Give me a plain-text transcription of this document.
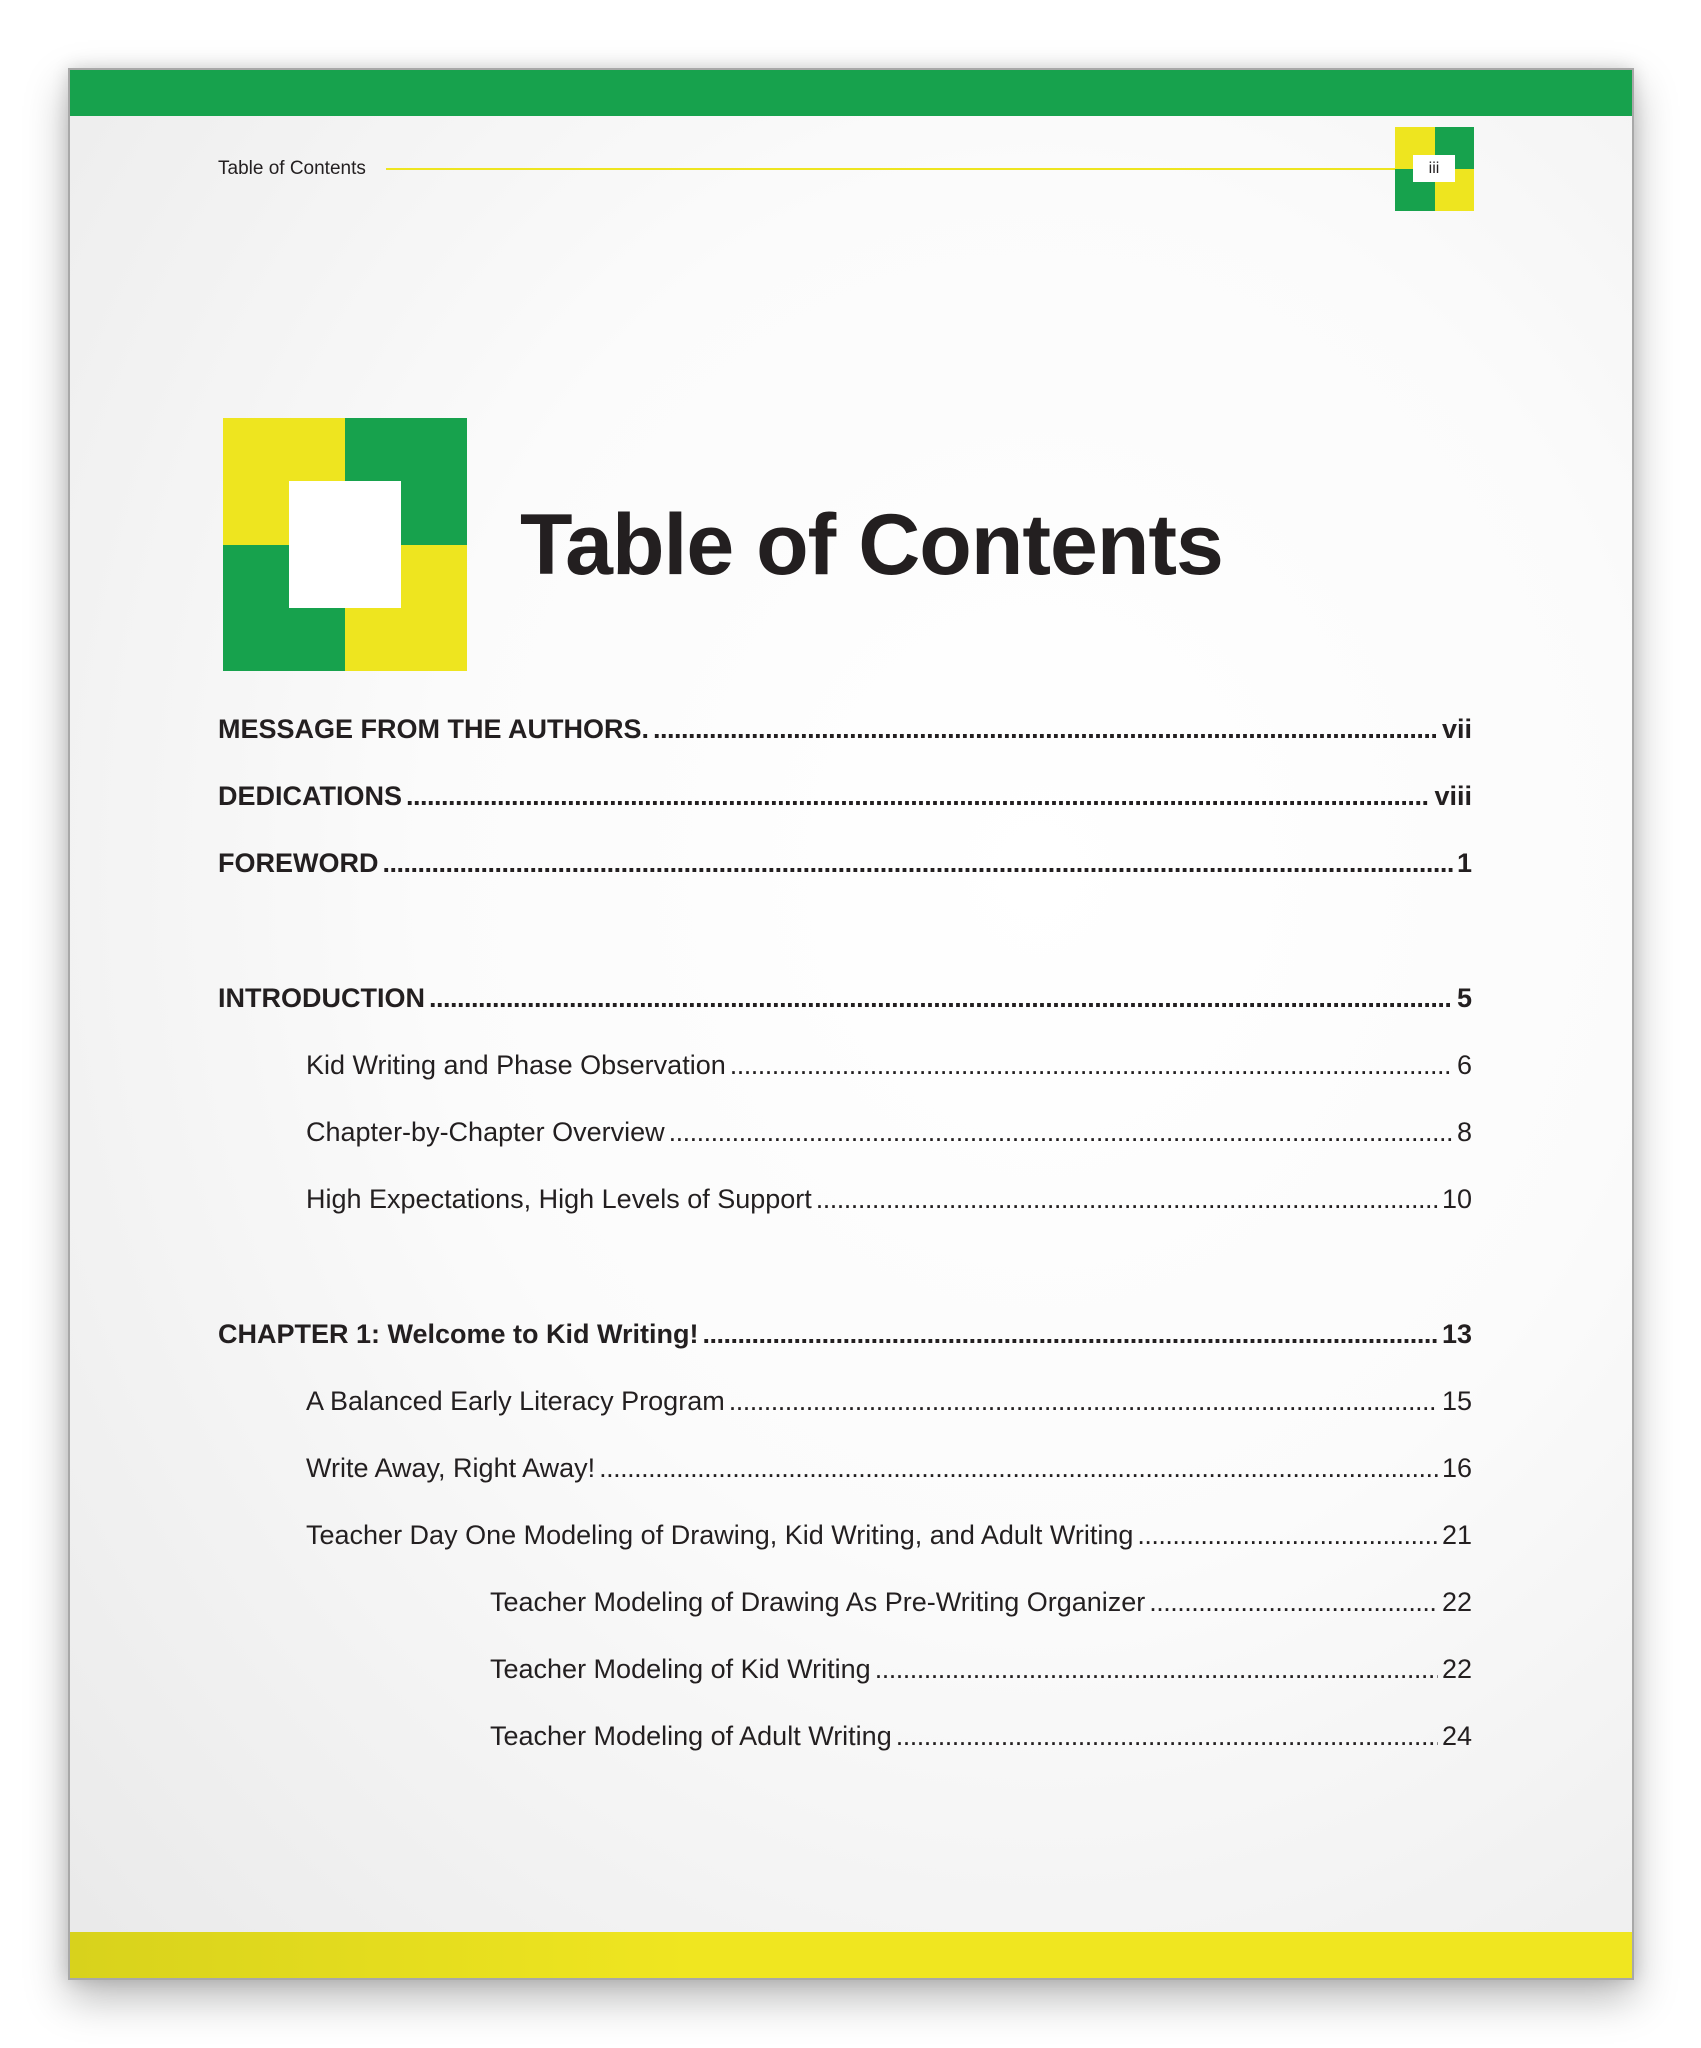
Table of Contents	iii
Table of Contents
MESSAGE FROM THE AUTHORS. . . .	vii
DEDICATIONS . . .	viii
FOREWORD . . .	1
INTRODUCTION . . .	5
Kid Writing and Phase Observation . . .	6
Chapter-by-Chapter Overview . . .	8
High Expectations, High Levels of Support . . .	10
CHAPTER 1: Welcome to Kid Writing! . . .	13
A Balanced Early Literacy Program . . .	15
Write Away, Right Away! . . .	16
Teacher Day One Modeling of Drawing, Kid Writing, and Adult Writing . . .	21
Teacher Modeling of Drawing As Pre-Writing Organizer . . .	22
Teacher Modeling of Kid Writing . . .	22
Teacher Modeling of Adult Writing . . .	24
